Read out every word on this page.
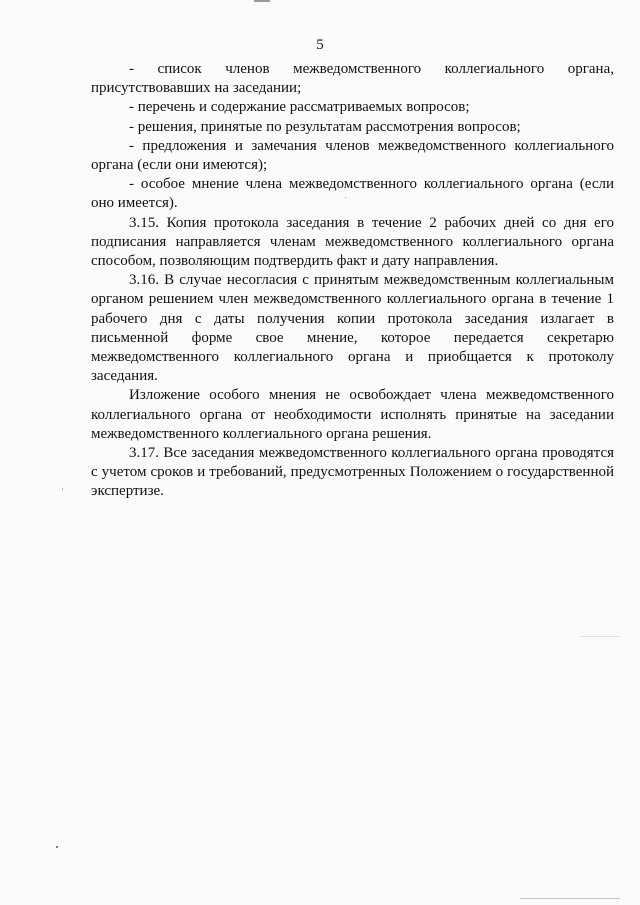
5

- список членов межведомственного коллегиального органа, присутствовавших на заседании;

- перечень и содержание рассматриваемых вопросов;

- решения, принятые по результатам рассмотрения вопросов;

- предложения и замечания членов межведомственного коллегиального органа (если они имеются);

- особое мнение члена межведомственного коллегиального органа (если оно имеется).

3.15. Копия протокола заседания в течение 2 рабочих дней со дня его подписания направляется членам межведомственного коллегиального органа способом, позволяющим подтвердить факт и дату направления.

3.16. В случае несогласия с принятым межведомственным коллегиальным органом решением член межведомственного коллегиального органа в течение 1 рабочего дня с даты получения копии протокола заседания излагает в письменной форме свое мнение, которое передается секретарю межведомственного коллегиального органа и приобщается к протоколу заседания.

Изложение особого мнения не освобождает члена межведомственного коллегиального органа от необходимости исполнять принятые на заседании межведомственного коллегиального органа решения.

3.17. Все заседания межведомственного коллегиального органа проводятся с учетом сроков и требований, предусмотренных Положением о государственной экспертизе.
